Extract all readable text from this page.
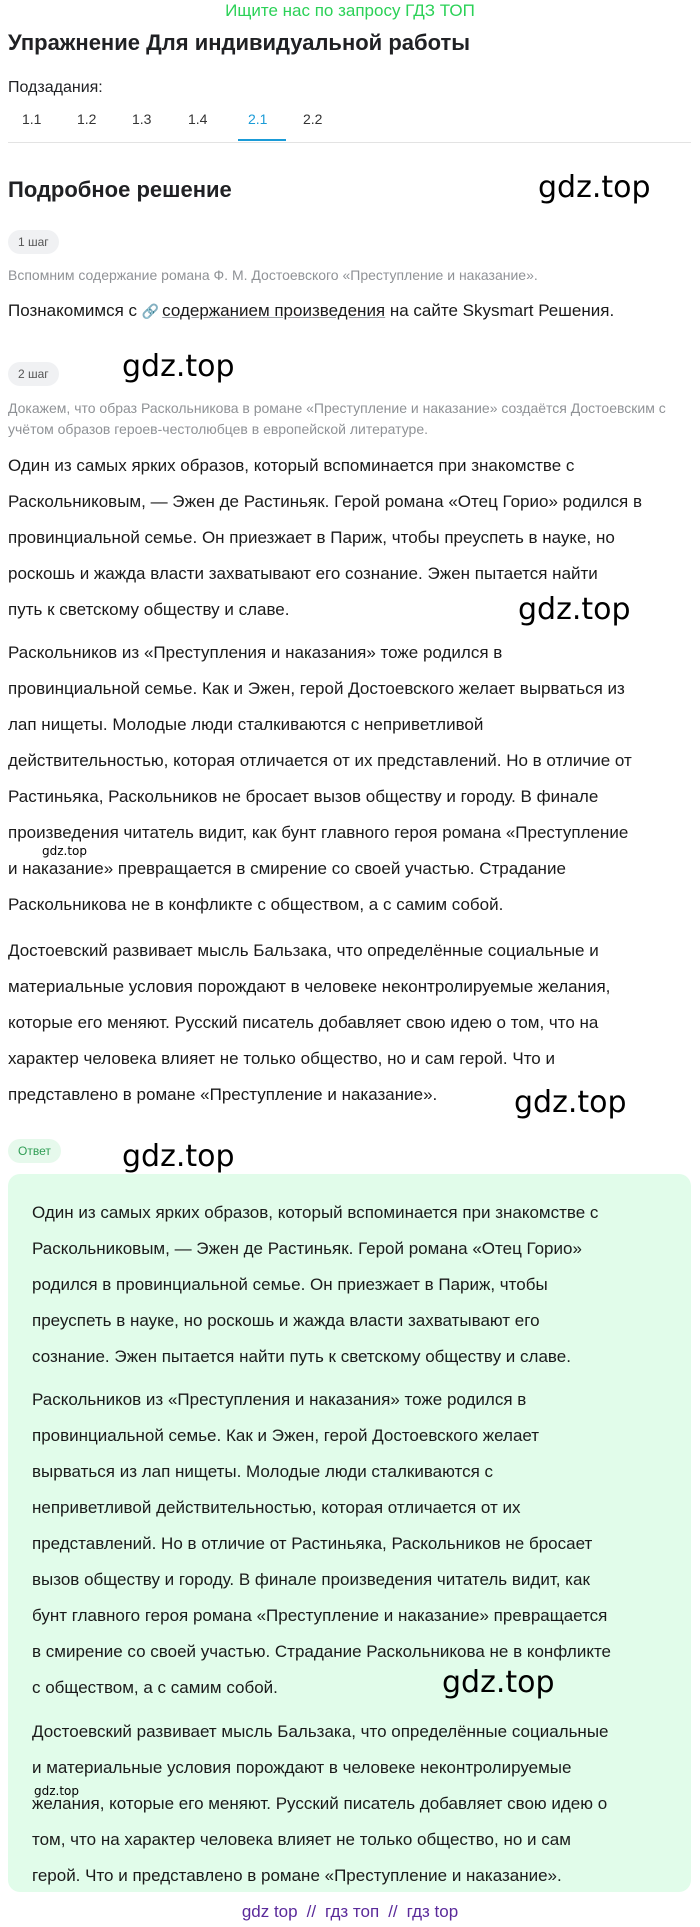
Ищите нас по запросу ГДЗ ТОП
Упражнение Для индивидуальной работы
Подзадания:
1.1	1.2	1.3	1.4	2.1	2.2
Подробное решение
1 шаг
Вспомним содержание романа Ф. М. Достоевского «Преступление и наказание».
Познакомимся с 🔗 содержанием произведения на сайте Skysmart Решения.
2 шаг
Докажем, что образ Раскольникова в романе «Преступление и наказание» создаётся Достоевским с учётом образов героев-честолюбцев в европейской литературе.
Один из самых ярких образов, который вспоминается при знакомстве с
Раскольниковым, — Эжен де Растиньяк. Герой романа «Отец Горио» родился в
провинциальной семье. Он приезжает в Париж, чтобы преуспеть в науке, но
роскошь и жажда власти захватывают его сознание. Эжен пытается найти
путь к светскому обществу и славе.
Раскольников из «Преступления и наказания» тоже родился в
провинциальной семье. Как и Эжен, герой Достоевского желает вырваться из
лап нищеты. Молодые люди сталкиваются с неприветливой
действительностью, которая отличается от их представлений. Но в отличие от
Растиньяка, Раскольников не бросает вызов обществу и городу. В финале
произведения читатель видит, как бунт главного героя романа «Преступление
и наказание» превращается в смирение со своей участью. Страдание
Раскольникова не в конфликте с обществом, а с самим собой.
Достоевский развивает мысль Бальзака, что определённые социальные и
материальные условия порождают в человеке неконтролируемые желания,
которые его меняют. Русский писатель добавляет свою идею о том, что на
характер человека влияет не только общество, но и сам герой. Что и
представлено в романе «Преступление и наказание».
Ответ
Один из самых ярких образов, который вспоминается при знакомстве с
Раскольниковым, — Эжен де Растиньяк. Герой романа «Отец Горио»
родился в провинциальной семье. Он приезжает в Париж, чтобы
преуспеть в науке, но роскошь и жажда власти захватывают его
сознание. Эжен пытается найти путь к светскому обществу и славе.
Раскольников из «Преступления и наказания» тоже родился в
провинциальной семье. Как и Эжен, герой Достоевского желает
вырваться из лап нищеты. Молодые люди сталкиваются с
неприветливой действительностью, которая отличается от их
представлений. Но в отличие от Растиньяка, Раскольников не бросает
вызов обществу и городу. В финале произведения читатель видит, как
бунт главного героя романа «Преступление и наказание» превращается
в смирение со своей участью. Страдание Раскольникова не в конфликте
с обществом, а с самим собой.
Достоевский развивает мысль Бальзака, что определённые социальные
и материальные условия порождают в человеке неконтролируемые
желания, которые его меняют. Русский писатель добавляет свою идею о
том, что на характер человека влияет не только общество, но и сам
герой. Что и представлено в романе «Преступление и наказание».
gdz.top
gdz.top
gdz.top
gdz.top
gdz.top
gdz.top
gdz.top
gdz.top
gdz top // гдз топ // гдз top
